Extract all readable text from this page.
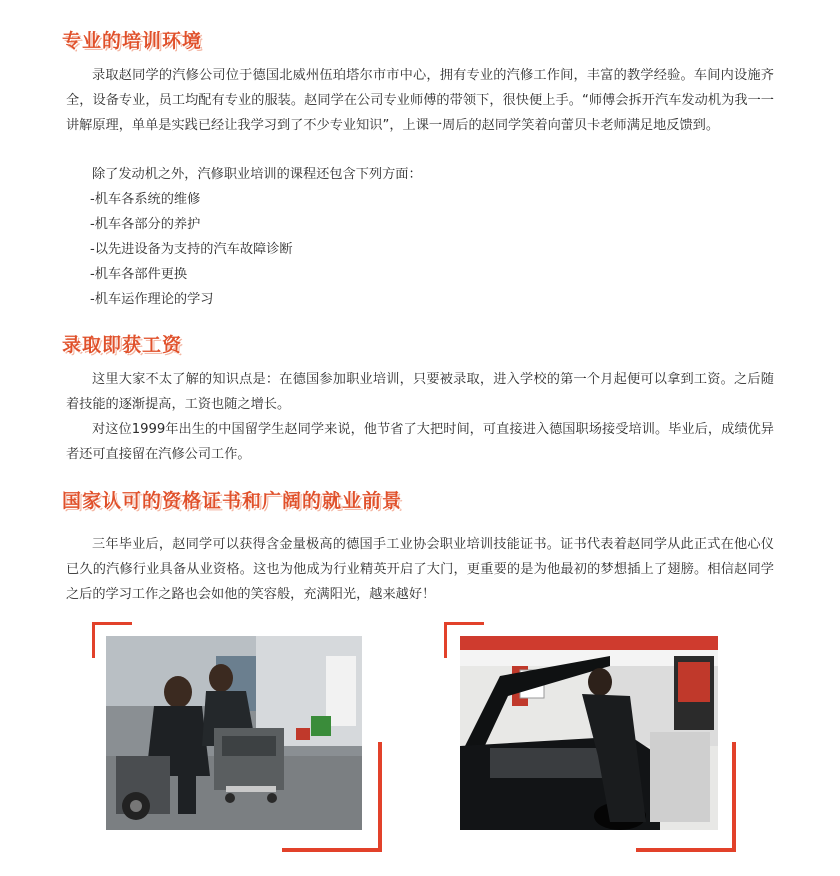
专业的培训环境

录取赵同学的汽修公司位于德国北威州伍珀塔尔市市中心，拥有专业的汽修工作间，丰富的教学经验。车间内设施齐全，设备专业，员工均配有专业的服装。赵同学在公司专业师傅的带领下，很快便上手。“师傅会拆开汽车发动机为我一一讲解原理，单单是实践已经让我学习到了不少专业知识”，上课一周后的赵同学笑着向蕾贝卡老师满足地反馈到。

除了发动机之外，汽修职业培训的课程还包含下列方面：

-机车各系统的维修
-机车各部分的养护
-以先进设备为支持的汽车故障诊断
-机车各部件更换
-机车运作理论的学习
录取即获工资

这里大家不太了解的知识点是：在德国参加职业培训，只要被录取，进入学校的第一个月起便可以拿到工资。之后随着技能的逐渐提高，工资也随之增长。

对这位1999年出生的中国留学生赵同学来说，他节省了大把时间，可直接进入德国职场接受培训。毕业后，成绩优异者还可直接留在汽修公司工作。

国家认可的资格证书和广阔的就业前景

三年毕业后，赵同学可以获得含金量极高的德国手工业协会职业培训技能证书。证书代表着赵同学从此正式在他心仪已久的汽修行业具备从业资格。这也为他成为行业精英开启了大门，更重要的是为他最初的梦想插上了翅膀。相信赵同学之后的学习工作之路也会如他的笑容般，充满阳光，越来越好！
